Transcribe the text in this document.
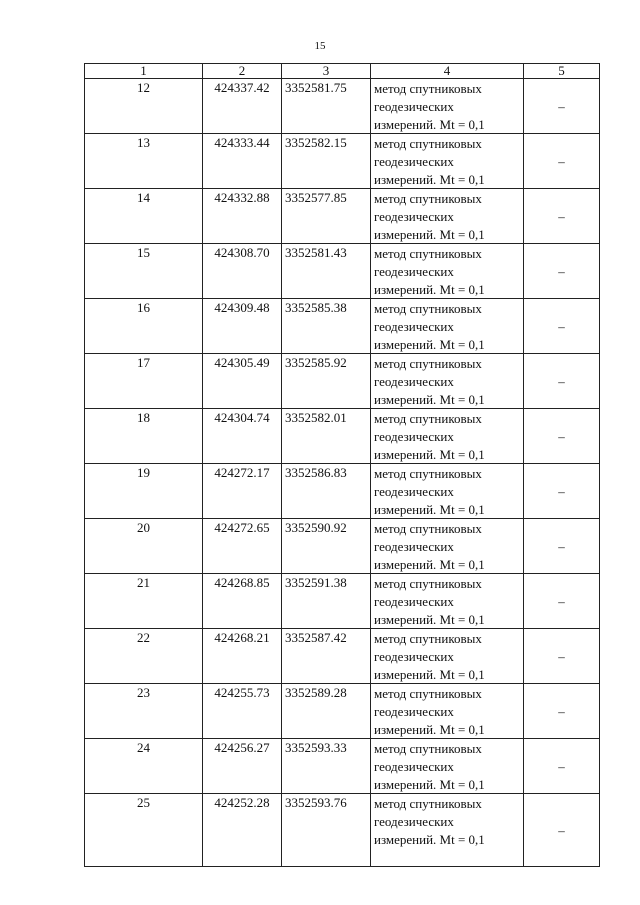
15
1	2	3	4	5
12	424337.42	3352581.75	метод спутниковых
геодезических
измерений. Mt = 0,1	–
13	424333.44	3352582.15	метод спутниковых
геодезических
измерений. Mt = 0,1	–
14	424332.88	3352577.85	метод спутниковых
геодезических
измерений. Mt = 0,1	–
15	424308.70	3352581.43	метод спутниковых
геодезических
измерений. Mt = 0,1	–
16	424309.48	3352585.38	метод спутниковых
геодезических
измерений. Mt = 0,1	–
17	424305.49	3352585.92	метод спутниковых
геодезических
измерений. Mt = 0,1	–
18	424304.74	3352582.01	метод спутниковых
геодезических
измерений. Mt = 0,1	–
19	424272.17	3352586.83	метод спутниковых
геодезических
измерений. Mt = 0,1	–
20	424272.65	3352590.92	метод спутниковых
геодезических
измерений. Mt = 0,1	–
21	424268.85	3352591.38	метод спутниковых
геодезических
измерений. Mt = 0,1	–
22	424268.21	3352587.42	метод спутниковых
геодезических
измерений. Mt = 0,1	–
23	424255.73	3352589.28	метод спутниковых
геодезических
измерений. Mt = 0,1	–
24	424256.27	3352593.33	метод спутниковых
геодезических
измерений. Mt = 0,1	–
25	424252.28	3352593.76	метод спутниковых
геодезических
измерений. Mt = 0,1	–
